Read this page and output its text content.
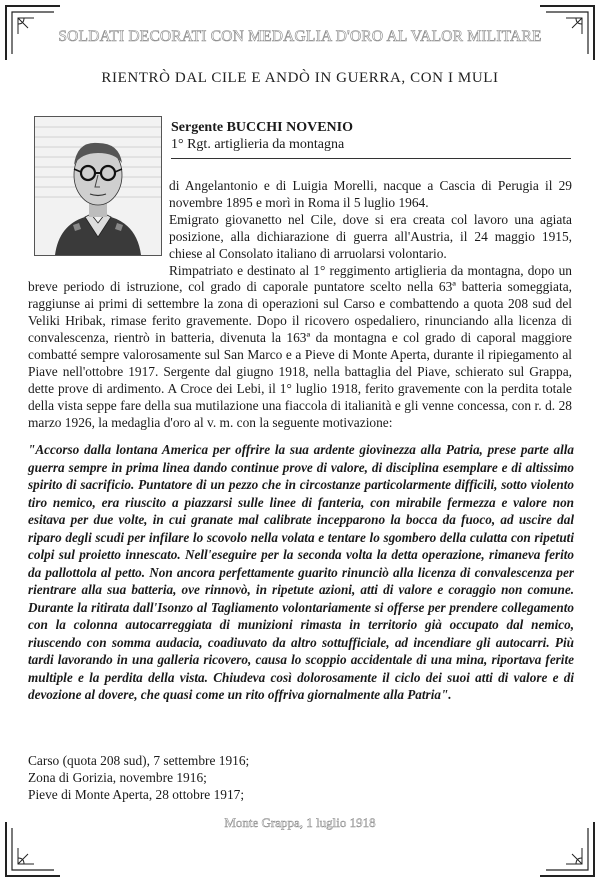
SOLDATI DECORATI CON MEDAGLIA D'ORO AL VALOR MILITARE
RIENTRÒ DAL CILE E ANDÒ IN GUERRA, CON I MULI
Sergente BUCCHI NOVENIO
1° Rgt. artiglieria da montagna

di Angelantonio e di Luigia Morelli, nacque a Cascia di Perugia il 29 novembre 1895 e morì in Roma il 5 luglio 1964.

Emigrato giovanetto nel Cile, dove si era creata col lavoro una agiata posizione, alla dichiarazione di guerra all'Austria, il 24 maggio 1915, chiese al Consolato italiano di arruolarsi volontario.

Rimpatriato e destinato al 1° reggimento artiglieria da montagna, dopo un breve periodo di istruzione, col grado di caporale puntatore scelto nella 63ª batteria someggiata, raggiunse ai primi di settembre la zona di operazioni sul Carso e combattendo a quota 208 sud del Veliki Hribak, rimase ferito gravemente. Dopo il ricovero ospedaliero, rinunciando alla licenza di convalescenza, rientrò in batteria, divenuta la 163ª da montagna e col grado di caporal maggiore combatté sempre valorosamente sul San Marco e a Pieve di Monte Aperta, durante il ripiegamento al Piave nell'ottobre 1917. Sergente dal giugno 1918, nella battaglia del Piave, schierato sul Grappa, dette prove di ardimento. A Croce dei Lebi, il 1° luglio 1918, ferito gravemente con la perdita totale della vista seppe fare della sua mutilazione una fiaccola di italianità e gli venne concessa, con r. d. 28 marzo 1926, la medaglia d'oro al v. m. con la seguente motivazione:

"Accorso dalla lontana America per offrire la sua ardente giovinezza alla Patria, prese parte alla guerra sempre in prima linea dando continue prove di valore, di disciplina esemplare e di altissimo spirito di sacrificio. Puntatore di un pezzo che in circostanze particolarmente difficili, sotto violento tiro nemico, era riuscito a piazzarsi sulle linee di fanteria, con mirabile fermezza e valore non esitava per due volte, in cui granate mal calibrate incepparono la bocca da fuoco, ad uscire dal riparo degli scudi per infilare lo scovolo nella volata e tentare lo sgombero della culatta con ripetuti colpi sul proietto innescato. Nell'eseguire per la seconda volta la detta operazione, rimaneva ferito da pallottola al petto. Non ancora perfettamente guarito rinunciò alla licenza di convalescenza per rientrare alla sua batteria, ove rinnovò, in ripetute azioni, atti di valore e coraggio non comune. Durante la ritirata dall'Isonzo al Tagliamento volontariamente si offerse per prendere collegamento con la colonna autocarreggiata di munizioni rimasta in territorio già occupato dal nemico, riuscendo con somma audacia, coadiuvato da altro sottufficiale, ad incendiare gli autocarri. Più tardi lavorando in una galleria ricovero, causa lo scoppio accidentale di una mina, riportava ferite multiple e la perdita della vista. Chiudeva così dolorosamente il ciclo dei suoi atti di valore e di devozione al dovere, che quasi come un rito offriva giornalmente alla Patria".
Carso (quota 208 sud), 7 settembre 1916;
Zona di Gorizia, novembre 1916;
Pieve di Monte Aperta, 28 ottobre 1917;
Monte Grappa, 1 luglio 1918
